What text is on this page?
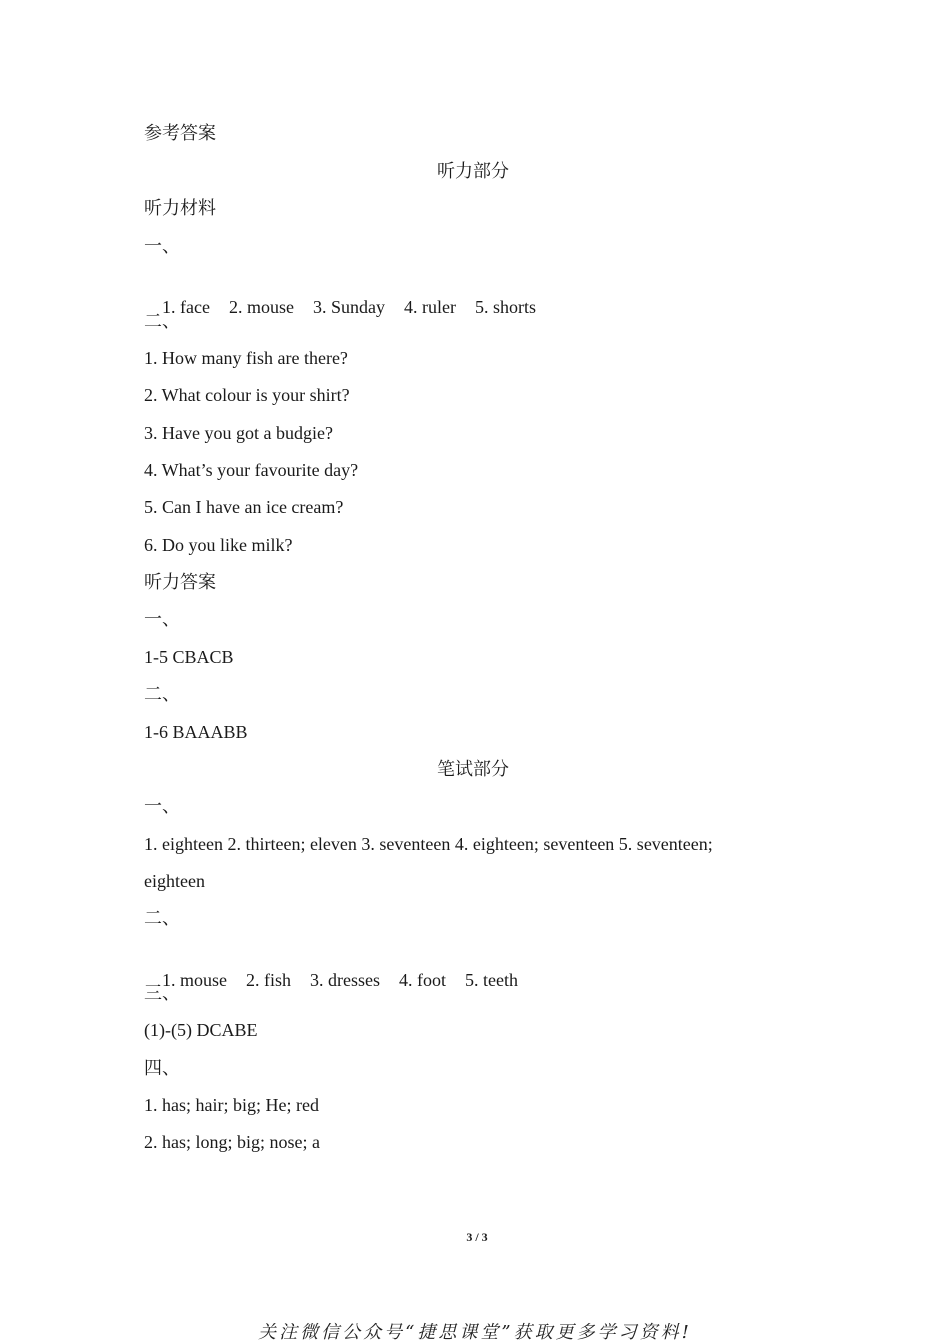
参考答案
听力部分
听力材料
一、

1. face 2. mouse 3. Sunday 4. ruler 5. shorts

二、
1. How many fish are there?
2. What colour is your shirt?
3. Have you got a budgie?
4. What’s your favourite day?
5. Can I have an ice cream?
6. Do you like milk?
听力答案
一、
1-5 CBACB
二、
1-6 BAAABB
笔试部分
一、
1. eighteen 2. thirteen; eleven 3. seventeen 4. eighteen; seventeen 5. seventeen;
eighteen
二、

1. mouse 2. fish 3. dresses 4. foot 5. teeth

三、
(1)-(5) DCABE
四、
1. has; hair; big; He; red
2. has; long; big; nose; a
3 / 3
关注微信公众号“捷思课堂”获取更多学习资料!
